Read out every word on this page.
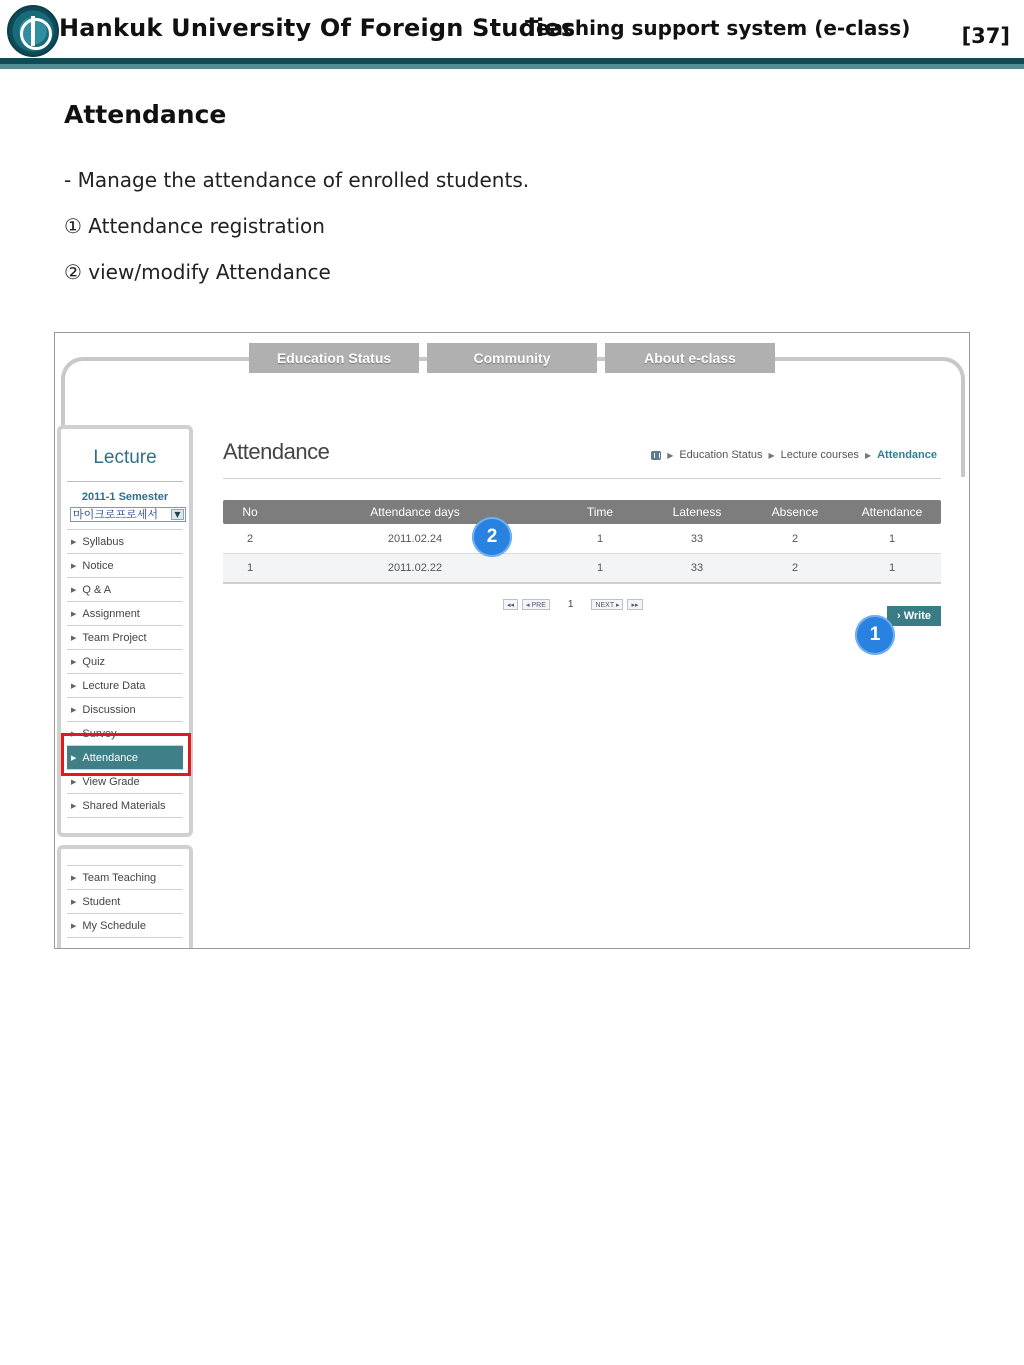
Hankuk University Of Foreign Studies
Teaching support system (e-class) [37]
Attendance
- Manage the attendance of enrolled students.
① Attendance registration
② view/modify Attendance
Education Status	Community	About e-class
Lecture
2011-1 Semester
마이크로프로세서	▼
▶ Syllabus
▶ Notice
▶ Q & A
▶ Assignment
▶ Team Project
▶ Quiz
▶ Lecture Data
▶ Discussion
▶ Survey
▶ Attendance
▶ View Grade
▶ Shared Materials
▶ Team Teaching
▶ Student
▶ My Schedule
Attendance	▶ Education Status ▶ Lecture courses ▶ Attendance
No	Attendance days	Time	Lateness	Absence	Attendance
2	2011.02.24	1	33	2	1
1	2011.02.22	1	33	2	1
◂◂	◂ PRE	1	NEXT ▸	▸▸
› Write
1
2
